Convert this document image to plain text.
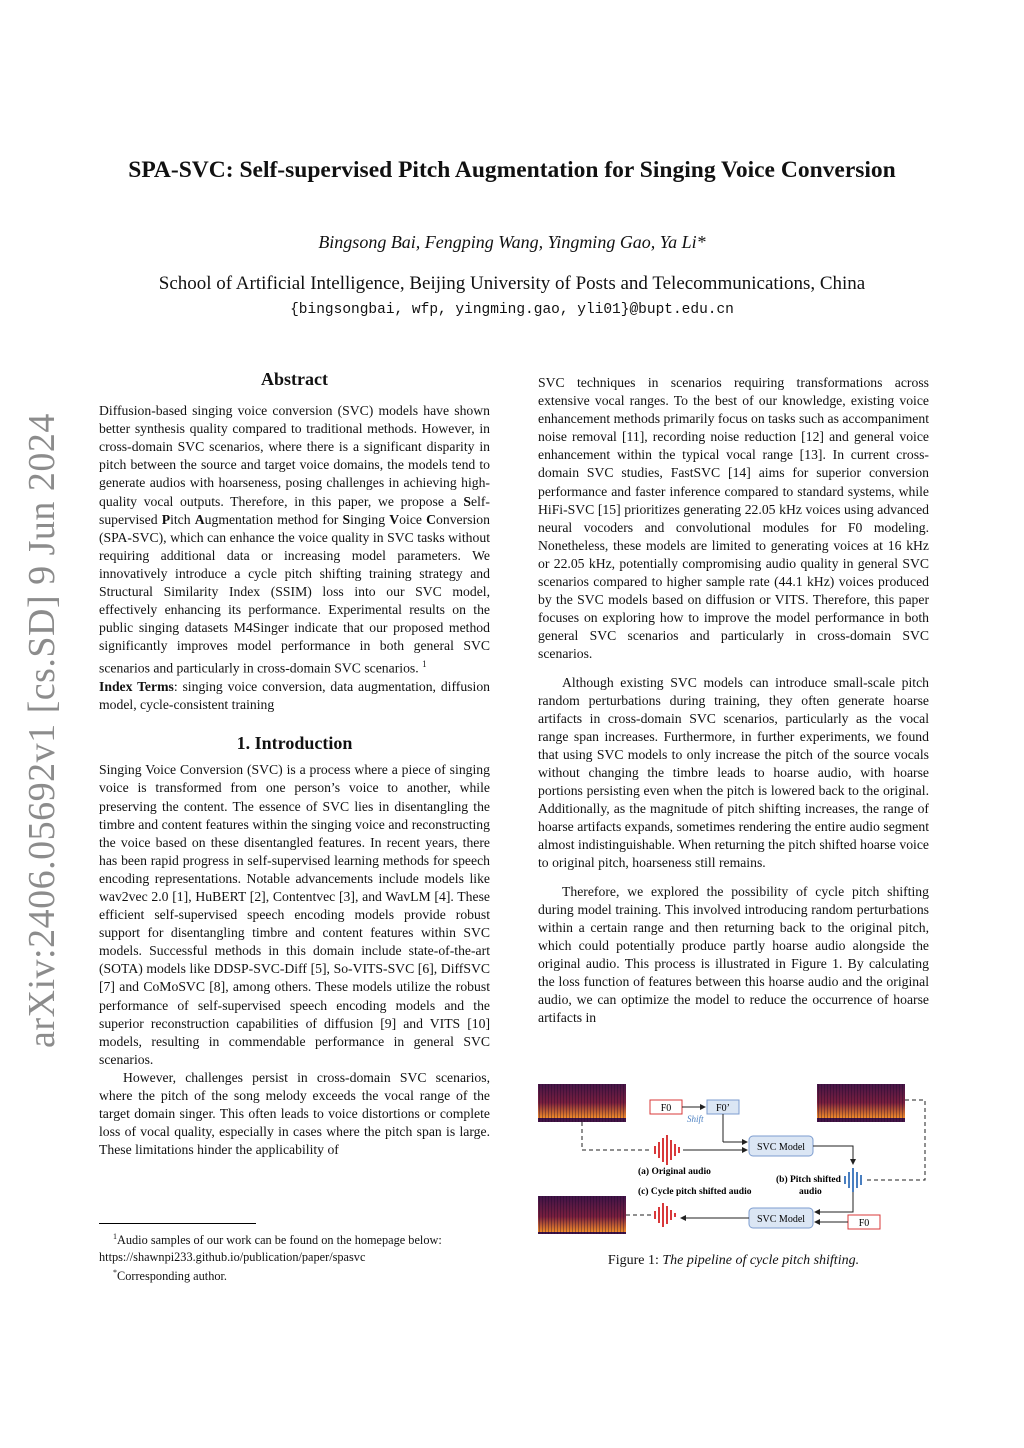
arXiv:2406.05692v1 [cs.SD] 9 Jun 2024
SPA-SVC: Self-supervised Pitch Augmentation for Singing Voice Conversion
Bingsong Bai, Fengping Wang, Yingming Gao, Ya Li*
School of Artificial Intelligence, Beijing University of Posts and Telecommunications, China
{bingsongbai, wfp, yingming.gao, yli01}@bupt.edu.cn

Abstract

Diffusion-based singing voice conversion (SVC) models have shown better synthesis quality compared to traditional methods. However, in cross-domain SVC scenarios, where there is a significant disparity in pitch between the source and target voice domains, the models tend to generate audios with hoarseness, posing challenges in achieving high-quality vocal outputs. Therefore, in this paper, we propose a Self-supervised Pitch Augmentation method for Singing Voice Conversion (SPA-SVC), which can enhance the voice quality in SVC tasks without requiring additional data or increasing model parameters. We innovatively introduce a cycle pitch shifting training strategy and Structural Similarity Index (SSIM) loss into our SVC model, effectively enhancing its performance. Experimental results on the public singing datasets M4Singer indicate that our proposed method significantly improves model performance in both general SVC scenarios and particularly in cross-domain SVC scenarios. $^1$

Index Terms: singing voice conversion, data augmentation, diffusion model, cycle-consistent training

1. Introduction

Singing Voice Conversion (SVC) is a process where a piece of singing voice is transformed from one person’s voice to another, while preserving the content. The essence of SVC lies in disentangling the timbre and content features within the singing voice and reconstructing the voice based on these disentangled features. In recent years, there has been rapid progress in self-supervised learning methods for speech encoding representations. Notable advancements include models like wav2vec 2.0 [1], HuBERT [2], Contentvec [3], and WavLM [4]. These efficient self-supervised speech encoding models provide robust support for disentangling timbre and content features within SVC models. Successful methods in this domain include state-of-the-art (SOTA) models like DDSP-SVC-Diff [5], So-VITS-SVC [6], DiffSVC [7] and CoMoSVC [8], among others. These models utilize the robust performance of self-supervised speech encoding models and the superior reconstruction capabilities of diffusion [9] and VITS [10] models, resulting in commendable performance in general SVC scenarios.

However, challenges persist in cross-domain SVC scenarios, where the pitch of the song melody exceeds the vocal range of the target domain singer. This often leads to voice distortions or complete loss of vocal quality, especially in cases where the pitch span is large. These limitations hinder the applicability of

$^1$Audio samples of our work can be found on the homepage below: https://shawnpi233.github.io/publication/paper/spasvc
*Corresponding author.

SVC techniques in scenarios requiring transformations across extensive vocal ranges. To the best of our knowledge, existing voice enhancement methods primarily focus on tasks such as accompaniment noise removal [11], recording noise reduction [12] and general voice enhancement within the typical vocal range [13]. In current cross-domain SVC studies, FastSVC [14] aims for superior conversion performance and faster inference compared to standard systems, while HiFi-SVC [15] prioritizes generating 22.05 kHz voices using advanced neural vocoders and convolutional modules for F0 modeling. Nonetheless, these models are limited to generating voices at 16 kHz or 22.05 kHz, potentially compromising audio quality in general SVC scenarios compared to higher sample rate (44.1 kHz) voices produced by the SVC models based on diffusion or VITS. Therefore, this paper focuses on exploring how to improve the model performance in both general SVC scenarios and particularly in cross-domain SVC scenarios.

Although existing SVC models can introduce small-scale pitch random perturbations during training, they often generate hoarse artifacts in cross-domain SVC scenarios, particularly as the vocal range span increases. Furthermore, in further experiments, we found that using SVC models to only increase the pitch of the source vocals without changing the timbre leads to hoarse audio, with hoarse portions persisting even when the pitch is lowered back to the original. Additionally, as the magnitude of pitch shifting increases, the range of hoarse artifacts expands, sometimes rendering the entire audio segment almost indistinguishable. When returning the pitch shifted hoarse voice to original pitch, hoarseness still remains.

Therefore, we explored the possibility of cycle pitch shifting during model training. This involved introducing random perturbations within a certain range and then returning back to the original pitch, which could potentially produce partly hoarse audio alongside the original audio. This process is illustrated in Figure 1. By calculating the loss function of features between this hoarse audio and the original audio, we can optimize the model to reduce the occurrence of hoarse artifacts in

F0	F0’
Shift
SVC Model
SVC Model	F0
(a) Original audio
(b) Pitch shifted
audio
(c) Cycle pitch shifted audio
Figure 1: The pipeline of cycle pitch shifting.
